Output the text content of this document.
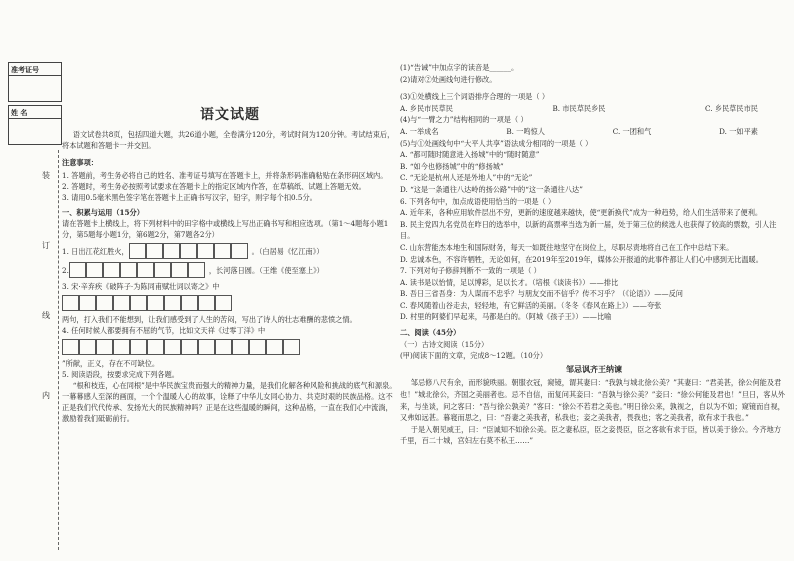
准考证号
姓 名
装
订
线
内
语文试题

语文试卷共8页，包括四道大题，共26道小题，全卷满分120分，考试时间为120分钟。考试结束后，将本试题和答题卡一并交回。

注意事项：

1. 答题前，考生务必将自己的姓名、准考证号填写在答题卡上，并将条形码准确粘贴在条形码区域内。

2. 答题时，考生务必按照考试要求在答题卡上的指定区域内作答，在草稿纸、试题上答题无效。

3. 请用0.5毫米黑色签字笔在答题卡上正确书写汉字，铅字，则字每个扣0.5分。

一、积累与运用（15分）

请在答题卡上横线上，将下列材料中的田字格中或横线上写出正确书写和相应选项。（第1～4题每小题1分，第5题每小题1分，第6题2分，第7题各2分）

1. 日出江花红胜火，	。（白居易《忆江南》）
2.	，长河落日圆。（王维《使至塞上》）

3. 宋·辛弃疾《破阵子·为陈同甫赋壮词以寄之》中

两句，打入我们不能想到，让我们感受到了人生的苦闷，写出了诗人的壮志难酬的悲愤之情。

4. 任何时候人都要拥有不屈的气节，比如文天祥《过零丁洋》中

”所献，正义，存在不可缺位。

5. 阅读语段，按要求完成下列各题。

“根和枝连，心在同根”是中华民族宝贵而强大的精神力量，是我们化解各种风险和挑战的底气和源泉。一幕幕感人至深的画面，一个个温暖人心的故事，诠释了中华儿女同心协力、共克时艰的民族品格。这不正是我们代代传承、发扬光大的民族精神吗？正是在这些温暖的瞬间，这种品格，一直在我们心中流淌，激励着我们砥砺前行。

(1)“告诫”中加点字的读音是______。

(2)请对②处画线句进行修改。

(3)①处横线上三个词语排序合理的一项是（ ）

A. 乡民市民草民	B. 市民草民乡民	C. 乡民草民市民

(4)与“一臂之力”结构相同的一项是（ ）

A. 一举成名	B. 一鸣惊人	C. 一团和气	D. 一如平素

(5)与①处画线句中“大平人共享”语法成分相同的一项是（ ）

A. “都可随时随意进入扬城”中的“随时随意”

B. “如今也修扬城”中的“修扬城”

C. “无论是杭州人还是外地人”中的“无论”

D. “这是一条通往八达岭的扬公路”中的“这一条通往八达”

6. 下列各句中，加点成语使用恰当的一项是（ ）

A. 近年来，各种应用软件层出不穷，更新的速度越来越快，使“更新换代”成为一种趋势，给人们生活带来了便利。

B. 民主党四九名党员在昨日的选举中，以新的高票率当选为新一届，处于第三位的候选人也获得了较高的票数，引人注目。

C. 山东营能杰本地生和国际财务，每天一如既往地坚守在岗位上，尽职尽责地将自己在工作中总结下来。

D. 忠诚本色，不容许牺牲，无论如何，在2019年至2019年，媒体公开报道的此事件都让人们心中感到无比温暖。

7. 下列对句子修辞判断不一致的一项是（ ）

A. 读书是以怡情，足以博彩，足以长才。（培根《谈读书》）——排比

B. 吾日三省吾身：为人谋而不忠乎？与朋友交而不信乎？传不习乎？（《论语》）——反问

C. 春风随着山谷走去，轻轻地，有它鲜活的美丽。（冬冬《春风在路上》）——夸张

D. 村里的阿婆们早起来，马都是白的。（阿城《孩子王》）——比喻

二、阅读（45分）

（一）古诗文阅读（15分）

(甲)阅读下面的文章，完成8～12题。（10分）

邹忌讽齐王纳谏

邹忌修八尺有余，而形貌昳丽。朝服衣冠，窥镜，谓其妻曰：“我孰与城北徐公美？”其妻曰：“君美甚，徐公何能及君也！”城北徐公，齐国之美丽者也。忌不自信，而复问其妾曰：“吾孰与徐公美？”妾曰：“徐公何能及君也！”旦日，客从外来，与坐谈，问之客曰：“吾与徐公孰美？”客曰：“徐公不若君之美也。”明日徐公来，孰视之，自以为不如；窥镜而自视，又弗如远甚。暮寝而思之，曰：“吾妻之美我者，私我也；妾之美我者，畏我也；客之美我者，欲有求于我也。”

于是入朝见威王，曰：“臣诚知不如徐公美。臣之妻私臣，臣之妾畏臣，臣之客欲有求于臣，皆以美于徐公。今齐地方千里，百二十城，宫妇左右莫不私王……”
